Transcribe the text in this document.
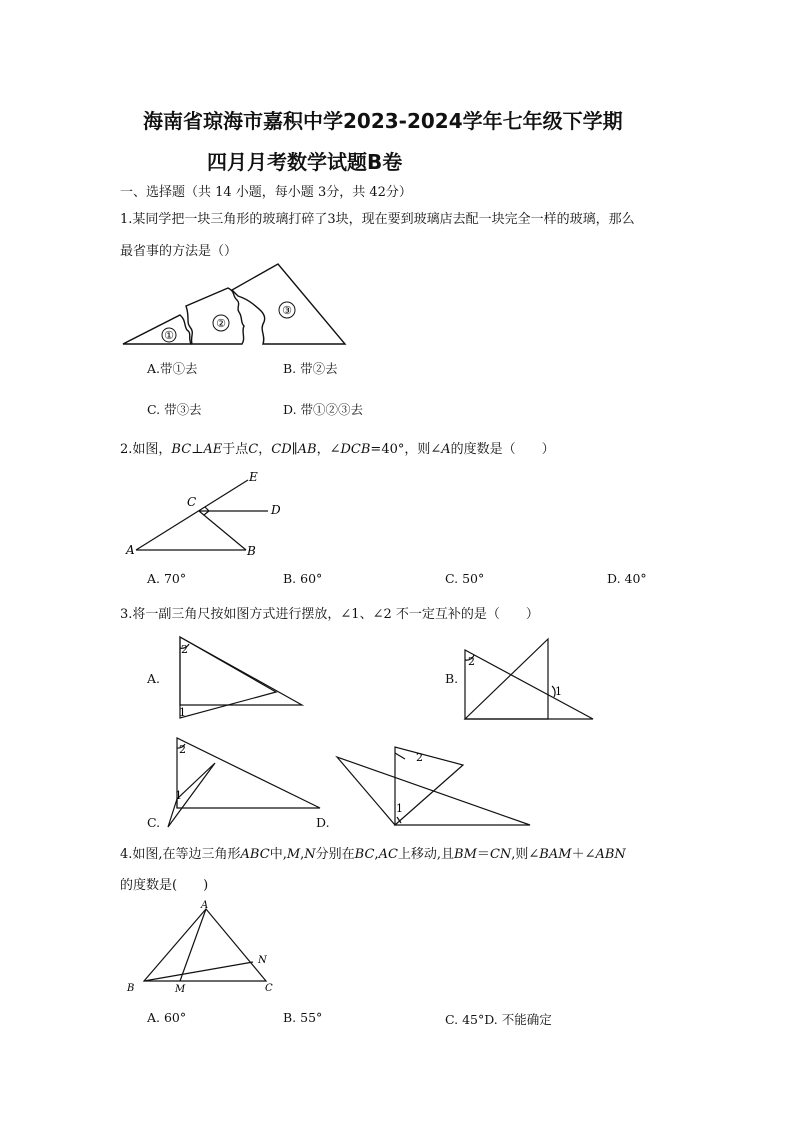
海南省琼海市嘉积中学2023-2024学年七年级下学期
四月月考数学试题B卷
一、选择题（共 14 小题，每小题 3分，共 42分）
1.某同学把一块三角形的玻璃打碎了3块，现在要到玻璃店去配一块完全一样的玻璃，那么
最省事的方法是（）
①
②
③
A.带①去	B. 带②去
C. 带③去	D. 带①②③去
2.如图，BC⊥AE于点C，CD∥AB，∠DCB=40°，则∠A的度数是（　　）
A	B
C
D
E
A. 70°	B. 60°	C. 50°	D. 40°
3.将一副三角尺按如图方式进行摆放，∠1、∠2 不一定互补的是（　　）
A.
2
1
B.
2
1
C.
2
1
D.
2
1
4.如图,在等边三角形ABC中,M,N分别在BC,AC上移动,且BM＝CN,则∠BAM＋∠ABN
的度数是(　　)
A
B	C
M
N
A. 60°	B. 55°	C. 45°D. 不能确定
